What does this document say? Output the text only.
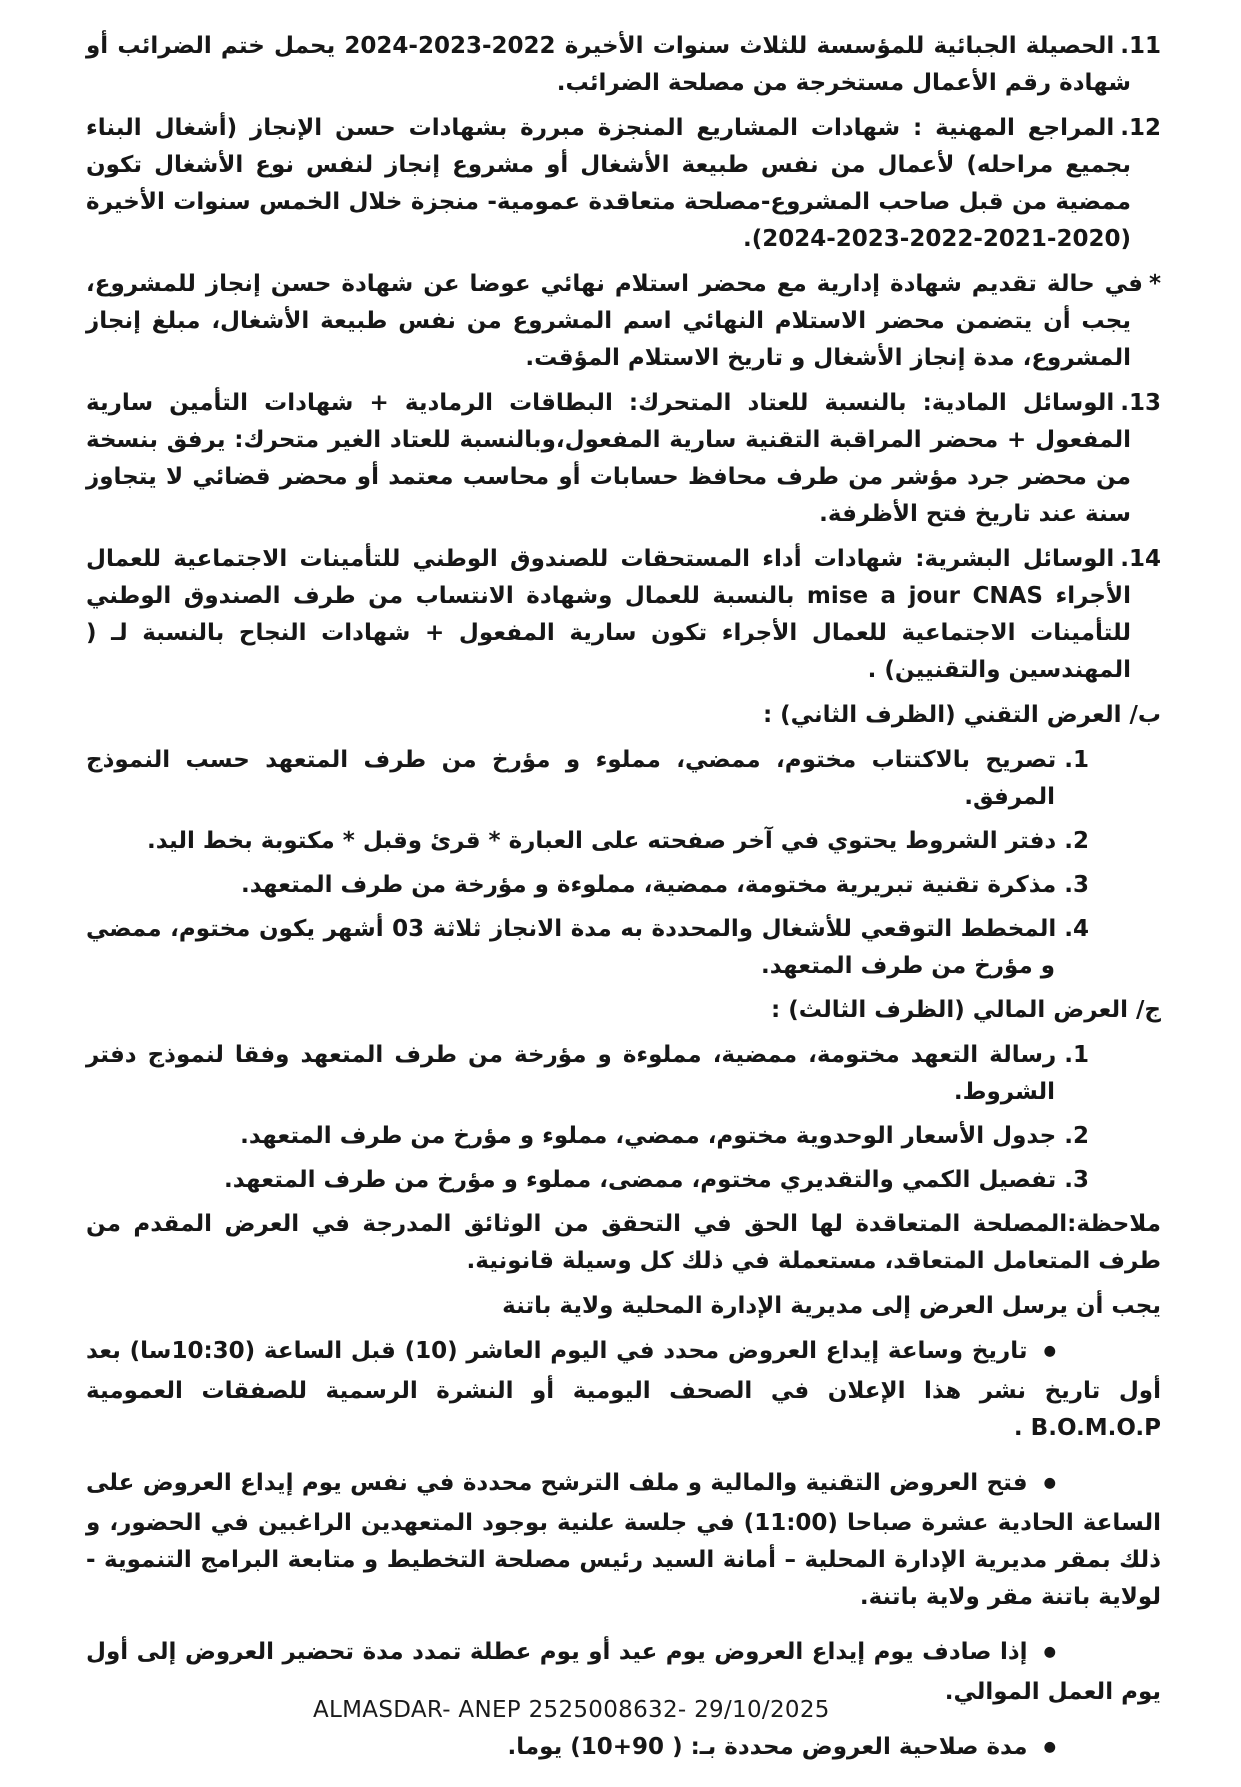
11.الحصيلة الجبائية للمؤسسة للثلاث سنوات الأخيرة 2022-2023-2024 يحمل ختم الضرائب أو شهادة رقم الأعمال مستخرجة من مصلحة الضرائب.

12.المراجع المهنية : شهادات المشاريع المنجزة مبررة بشهادات حسن الإنجاز (أشغال البناء بجميع مراحله) لأعمال من نفس طبيعة الأشغال أو مشروع إنجاز لنفس نوع الأشغال تكون ممضية من قبل صاحب المشروع-مصلحة متعاقدة عمومية- منجزة خلال الخمس سنوات الأخيرة (2020-2021-2022-2023-2024).

*في حالة تقديم شهادة إدارية مع محضر استلام نهائي عوضا عن شهادة حسن إنجاز للمشروع، يجب أن يتضمن محضر الاستلام النهائي اسم المشروع من نفس طبيعة الأشغال، مبلغ إنجاز المشروع، مدة إنجاز الأشغال و تاريخ الاستلام المؤقت.

13.الوسائل المادية: بالنسبة للعتاد المتحرك: البطاقات الرمادية + شهادات التأمين سارية المفعول + محضر المراقبة التقنية سارية المفعول،وبالنسبة للعتاد الغير متحرك: يرفق بنسخة من محضر جرد مؤشر من طرف محافظ حسابات أو محاسب معتمد أو محضر قضائي لا يتجاوز سنة عند تاريخ فتح الأظرفة.

14.الوسائل البشرية: شهادات أداء المستحقات للصندوق الوطني للتأمينات الاجتماعية للعمال الأجراء mise a jour CNAS بالنسبة للعمال وشهادة الانتساب من طرف الصندوق الوطني للتأمينات الاجتماعية للعمال الأجراء تكون سارية المفعول + شهادات النجاح بالنسبة لـ ( المهندسين والتقنيين) .

ب/ العرض التقني (الظرف الثاني) :

1.تصريح بالاكتتاب مختوم، ممضي، مملوء و مؤرخ من طرف المتعهد حسب النموذج المرفق.

2.دفتر الشروط يحتوي في آخر صفحته على العبارة * قرئ وقبل * مكتوبة بخط اليد.

3.مذكرة تقنية تبريرية مختومة، ممضية، مملوءة و مؤرخة من طرف المتعهد.

4.المخطط التوقعي للأشغال والمحددة به مدة الانجاز ثلاثة 03 أشهر يكون مختوم، ممضي و مؤرخ من طرف المتعهد.

ج/ العرض المالي (الظرف الثالث) :

1.رسالة التعهد مختومة، ممضية، مملوءة و مؤرخة من طرف المتعهد وفقا لنموذج دفتر الشروط.

2.جدول الأسعار الوحدوية مختوم، ممضي، مملوء و مؤرخ من طرف المتعهد.

3.تفصيل الكمي والتقديري مختوم، ممضى، مملوء و مؤرخ من طرف المتعهد.

ملاحظة:المصلحة المتعاقدة لها الحق في التحقق من الوثائق المدرجة في العرض المقدم من طرف المتعامل المتعاقد، مستعملة في ذلك كل وسيلة قانونية.

يجب أن يرسل العرض إلى مديرية الإدارة المحلية ولاية باتنة

●تاريخ وساعة إيداع العروض محدد في اليوم العاشر (10) قبل الساعة (10:30سا) بعد أول تاريخ نشر هذا الإعلان في الصحف اليومية أو النشرة الرسمية للصفقات العمومية B.O.M.O.P .

●فتح العروض التقنية والمالية و ملف الترشح محددة في نفس يوم إيداع العروض على الساعة الحادية عشرة صباحا (11:00) في جلسة علنية بوجود المتعهدين الراغبين في الحضور، و ذلك بمقر مديرية الإدارة المحلية – أمانة السيد رئيس مصلحة التخطيط و متابعة البرامج التنموية - لولاية باتنة مقر ولاية باتنة.

●إذا صادف يوم إيداع العروض يوم عيد أو يوم عطلة تمدد مدة تحضير العروض إلى أول يوم العمل الموالي.

●مدة صلاحية العروض محددة بـ: ( 90+10) يوما.

ALMASDAR- ANEP 2525008632- 29/10/2025
